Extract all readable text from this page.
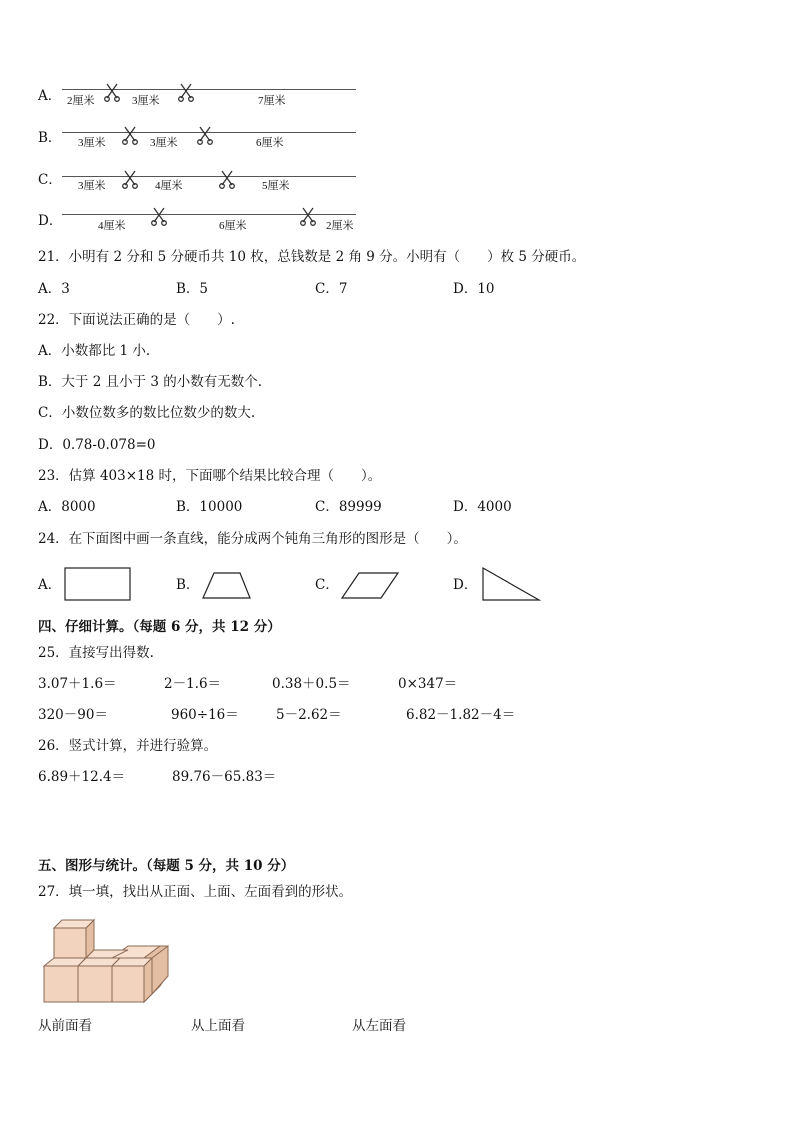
A． 2厘米	3厘米	7厘米
B． 3厘米	3厘米	6厘米
C． 3厘米	4厘米	5厘米
D．	4厘米	6厘米	2厘米
21．小明有 2 分和 5 分硬币共 10 枚，总钱数是 2 角 9 分。小明有（　　）枚 5 分硬币。
A．3	B．5	C．7	D．10
22．下面说法正确的是（　　）.
A．小数都比 1 小.
B．大于 2 且小于 3 的小数有无数个.
C．小数位数多的数比位数少的数大.
D．0.78-0.078=0
23．估算 403×18 时，下面哪个结果比较合理（　　）。
A．8000	B．10000	C．89999	D．4000
24．在下面图中画一条直线，能分成两个钝角三角形的图形是（　　）。
A．	B．	C．	D．
四、仔细计算。（每题 6 分，共 12 分）
25．直接写出得数.
3.07＋1.6＝	2－1.6＝	0.38＋0.5＝	0×347＝
320－90＝	960÷16＝	5－2.62＝	6.82－1.82－4＝
26．竖式计算，并进行验算。
6.89＋12.4＝	89.76－65.83＝
五、图形与统计。（每题 5 分，共 10 分）
27．填一填，找出从正面、上面、左面看到的形状。
从前面看	从上面看	从左面看
